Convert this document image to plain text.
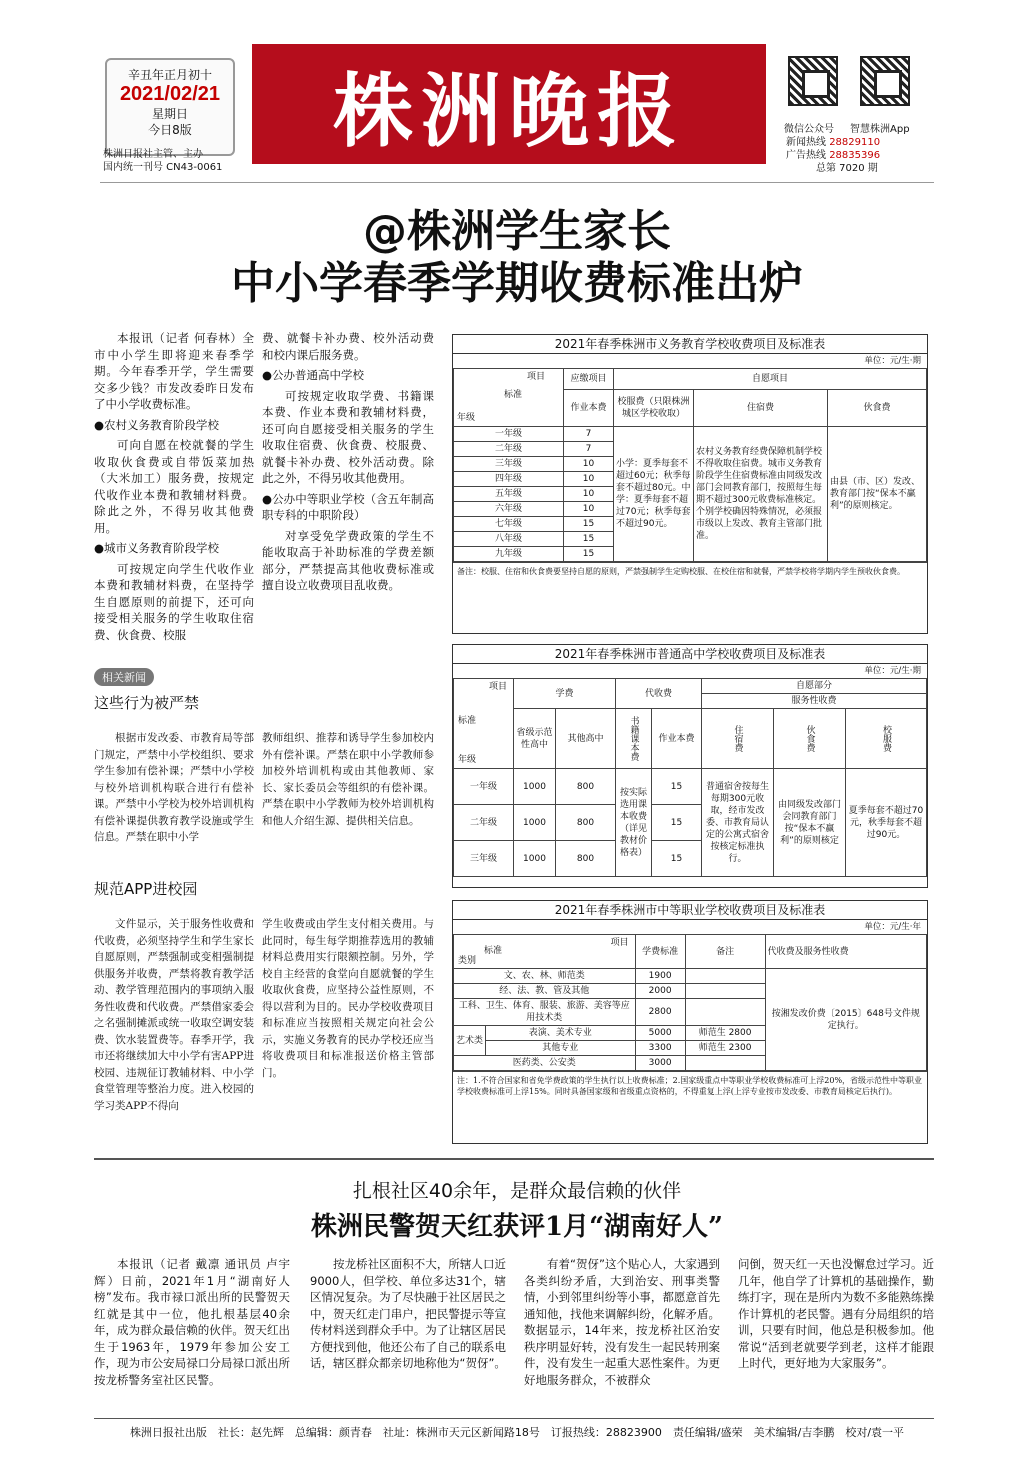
辛丑年正月初十
2021/02/21
星期日
今日8版
株洲日报社主管、主办
国内统一刊号 CN43-0061
株洲晚报	微信公众号 智慧株洲App
新闻热线 28829110
广告热线 28835396
总第 7020 期
@株洲学生家长
中小学春季学期收费标准出炉

本报讯（记者 何春林）全市中小学生即将迎来春季学期。今年春季开学，学生需要交多少钱？市发改委昨日发布了中小学收费标准。

●农村义务教育阶段学校

可向自愿在校就餐的学生收取伙食费或自带饭菜加热（大米加工）服务费，按规定代收作业本费和教辅材料费。除此之外，不得另收其他费用。

●城市义务教育阶段学校

可按规定向学生代收作业本费和教辅材料费，在坚持学生自愿原则的前提下，还可向接受相关服务的学生收取住宿费、伙食费、校服

费、就餐卡补办费、校外活动费和校内课后服务费。

●公办普通高中学校

可按规定收取学费、书籍课本费、作业本费和教辅材料费，还可向自愿接受相关服务的学生收取住宿费、伙食费、校服费、就餐卡补办费、校外活动费。除此之外，不得另收其他费用。

●公办中等职业学校（含五年制高职专科的中职阶段）

对享受免学费政策的学生不能收取高于补助标准的学费差额部分，严禁提高其他收费标准或擅自设立收费项目乱收费。

相关新闻
这些行为被严禁

根据市发改委、市教育局等部门规定，严禁中小学校组织、要求学生参加有偿补课；严禁中小学校与校外培训机构联合进行有偿补课。严禁中小学校为校外培训机构有偿补课提供教育教学设施或学生信息。严禁在职中小学

教师组织、推荐和诱导学生参加校内外有偿补课。严禁在职中小学教师参加校外培训机构或由其他教师、家长、家长委员会等组织的有偿补课。严禁在职中小学教师为校外培训机构和他人介绍生源、提供相关信息。

规范APP进校园

文件显示，关于服务性收费和代收费，必须坚持学生和学生家长自愿原则，严禁强制或变相强制提供服务并收费，严禁将教育教学活动、教学管理范围内的事项纳入服务性收费和代收费。严禁借家委会之名强制摊派或统一收取空调安装费、饮水装置费等。春季开学，我市还将继续加大中小学有害APP进校园、违规征订教辅材料、中小学食堂管理等整治力度。进入校园的学习类APP不得向

学生收费或由学生支付相关费用。与此同时，每生每学期推荐选用的教辅材料总费用实行限额控制。另外，学校自主经营的食堂向自愿就餐的学生收取伙食费，应坚持公益性原则，不得以营利为目的。民办学校收费项目和标准应当按照相关规定向社会公示，实施义务教育的民办学校还应当将收费项目和标准报送价格主管部门。

2021年春季株洲市义务教育学校收费项目及标准表
单位：元/生·期
项目
标准
年级	应缴项目	自愿项目		
	作业本费	校服费（只限株洲城区学校收取）	住宿费	伙食费
一年级	7	小学：夏季每套不超过60元；秋季每套不超过80元。中学：夏季每套不超过70元；秋季每套不超过90元。	农村义务教育经费保障机制学校不得收取住宿费。城市义务教育阶段学生住宿费标准由同级发改部门会同教育部门，按照每生每期不超过300元收费标准核定。个别学校确因特殊情况，必须报市级以上发改、教育主管部门批准。	由县（市、区）发改、教育部门按“保本不赢利”的原则核定。
二年级	7			
三年级	10			
四年级	10			
五年级	10			
六年级	10			
七年级	15			
八年级	15			
九年级	15			
备注：校服、住宿和伙食费要坚持自愿的原则，严禁强制学生定购校服、在校住宿和就餐，严禁学校将学期内学生预收伙食费。
2021年春季株洲市普通高中学校收费项目及标准表
单位：元/生·期
项目
标准
年级	学费		代收费		自愿部分		
					服务性收费		
	省级示范性高中	其他高中	书籍课本费	作业本费	住宿费	伙食费	校服费
一年级	1000	800	按实际选用课本收费（详见教材价格表）	15	普通宿舍按每生每期300元收取，经市发改委、市教育局认定的公寓式宿舍按核定标准执行。	由同级发改部门会同教育部门按“保本不赢利”的原则核定	夏季每套不超过70元，秋季每套不超过90元。
二年级	1000	800		15			
三年级	1000	800		15			
2021年春季株洲市中等职业学校收费项目及标准表
单位：元/生·年
项目
标准
类别		学费标准	备注	代收费及服务性收费
文、农、林、师范类		1900		按湘发改价费〔2015〕648号文件规定执行。
经、法、教、管及其他		2000		
工科、卫生、体育、服装、旅游、美容等应用技术类		2800		
艺术类	表演、美术专业	5000	师范生 2800	
	其他专业	3300	师范生 2300	
医药类、公安类		3000		
注：1.不符合国家和省免学费政策的学生执行以上收费标准；2.国家级重点中等职业学校收费标准可上浮20%，省级示范性中等职业学校收费标准可上浮15%。同时具备国家级和省级重点资格的，不得重复上浮(上浮专业按市发改委、市教育局核定后执行)。
扎根社区40余年，是群众最信赖的伙伴
株洲民警贺天红获评1月“湖南好人”

本报讯（记者 戴凛 通讯员 卢宇辉）日前，2021年1月“湖南好人榜”发布。我市禄口派出所的民警贺天红就是其中一位，他扎根基层40余年，成为群众最信赖的伙伴。贺天红出生于1963年，1979年参加公安工作，现为市公安局禄口分局禄口派出所按龙桥警务室社区民警。

按龙桥社区面积不大，所辖人口近9000人，但学校、单位多达31个，辖区情况复杂。为了尽快融于社区居民之中，贺天红走门串户，把民警提示等宣传材料送到群众手中。为了让辖区居民方便找到他，他还公布了自己的联系电话，辖区群众都亲切地称他为“贺伢”。

有着“贺伢”这个贴心人，大家遇到各类纠纷矛盾，大到治安、刑事类警情，小到邻里纠纷等小事，都愿意首先通知他，找他来调解纠纷，化解矛盾。数据显示，14年来，按龙桥社区治安秩序明显好转，没有发生一起民转刑案件，没有发生一起重大恶性案件。为更好地服务群众，不被群众

问倒，贺天红一天也没懈怠过学习。近几年，他自学了计算机的基础操作，勤练打字，现在是所内为数不多能熟练操作计算机的老民警。遇有分局组织的培训，只要有时间，他总是积极参加。他常说“活到老就要学到老，这样才能跟上时代，更好地为大家服务”。

株洲日报社出版　社长：赵先辉　总编辑：颜青春　社址：株洲市天元区新闻路18号　订报热线：28823900　责任编辑/盛荣　美术编辑/吉李鹏　校对/袁一平
